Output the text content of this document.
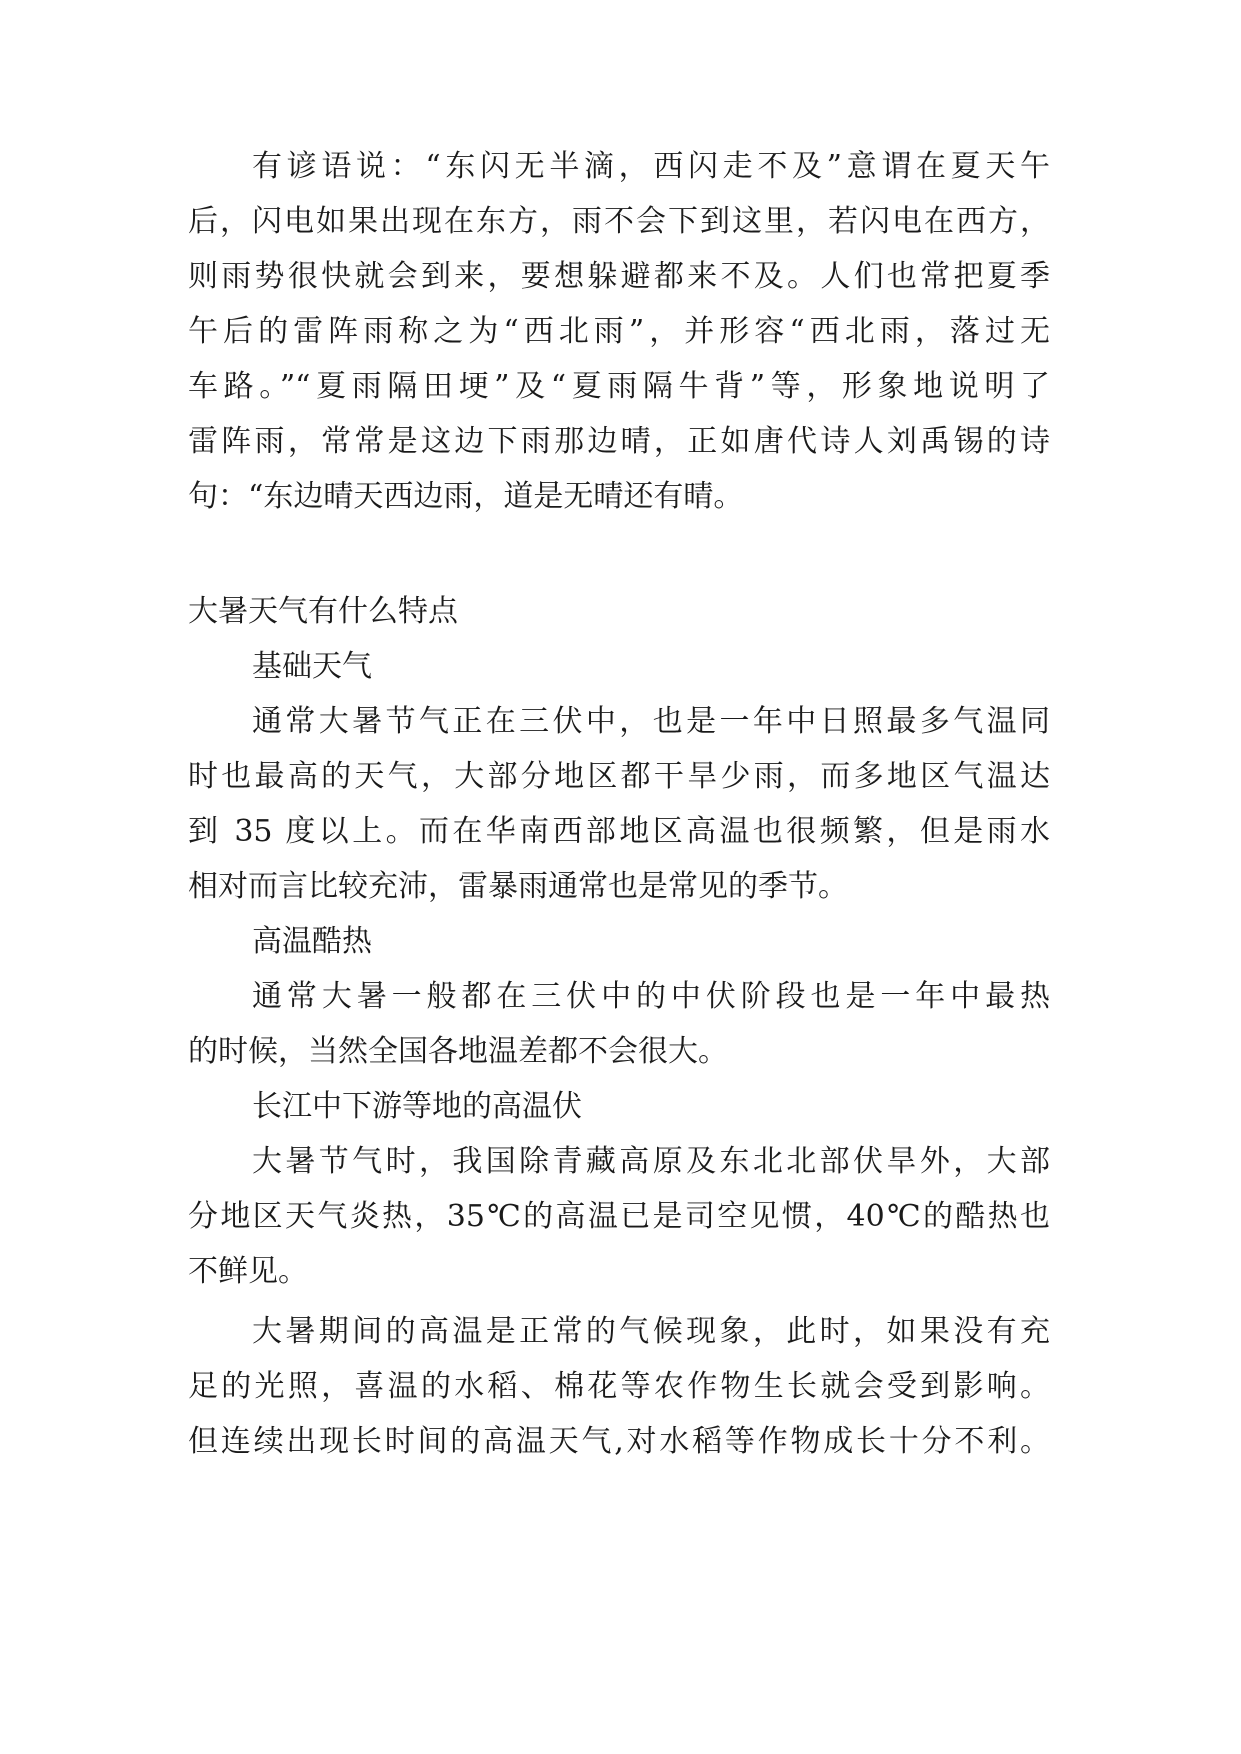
有谚语说：“东闪无半滴，西闪走不及”意谓在夏天午
后，闪电如果出现在东方，雨不会下到这里，若闪电在西方，
则雨势很快就会到来，要想躲避都来不及。人们也常把夏季
午后的雷阵雨称之为“西北雨”，并形容“西北雨，落过无
车路。”“夏雨隔田埂”及“夏雨隔牛背”等，形象地说明了
雷阵雨，常常是这边下雨那边晴，正如唐代诗人刘禹锡的诗
句：“东边晴天西边雨，道是无晴还有晴。
大暑天气有什么特点
基础天气
通常大暑节气正在三伏中，也是一年中日照最多气温同
时也最高的天气，大部分地区都干旱少雨，而多地区气温达
到 35 度以上。而在华南西部地区高温也很频繁，但是雨水
相对而言比较充沛，雷暴雨通常也是常见的季节。
高温酷热
通常大暑一般都在三伏中的中伏阶段也是一年中最热
的时候，当然全国各地温差都不会很大。
长江中下游等地的高温伏
大暑节气时，我国除青藏高原及东北北部伏旱外，大部
分地区天气炎热，35℃的高温已是司空见惯，40℃的酷热也
不鲜见。
大暑期间的高温是正常的气候现象，此时，如果没有充
足的光照，喜温的水稻、棉花等农作物生长就会受到影响。
但连续出现长时间的高温天气,对水稻等作物成长十分不利。
